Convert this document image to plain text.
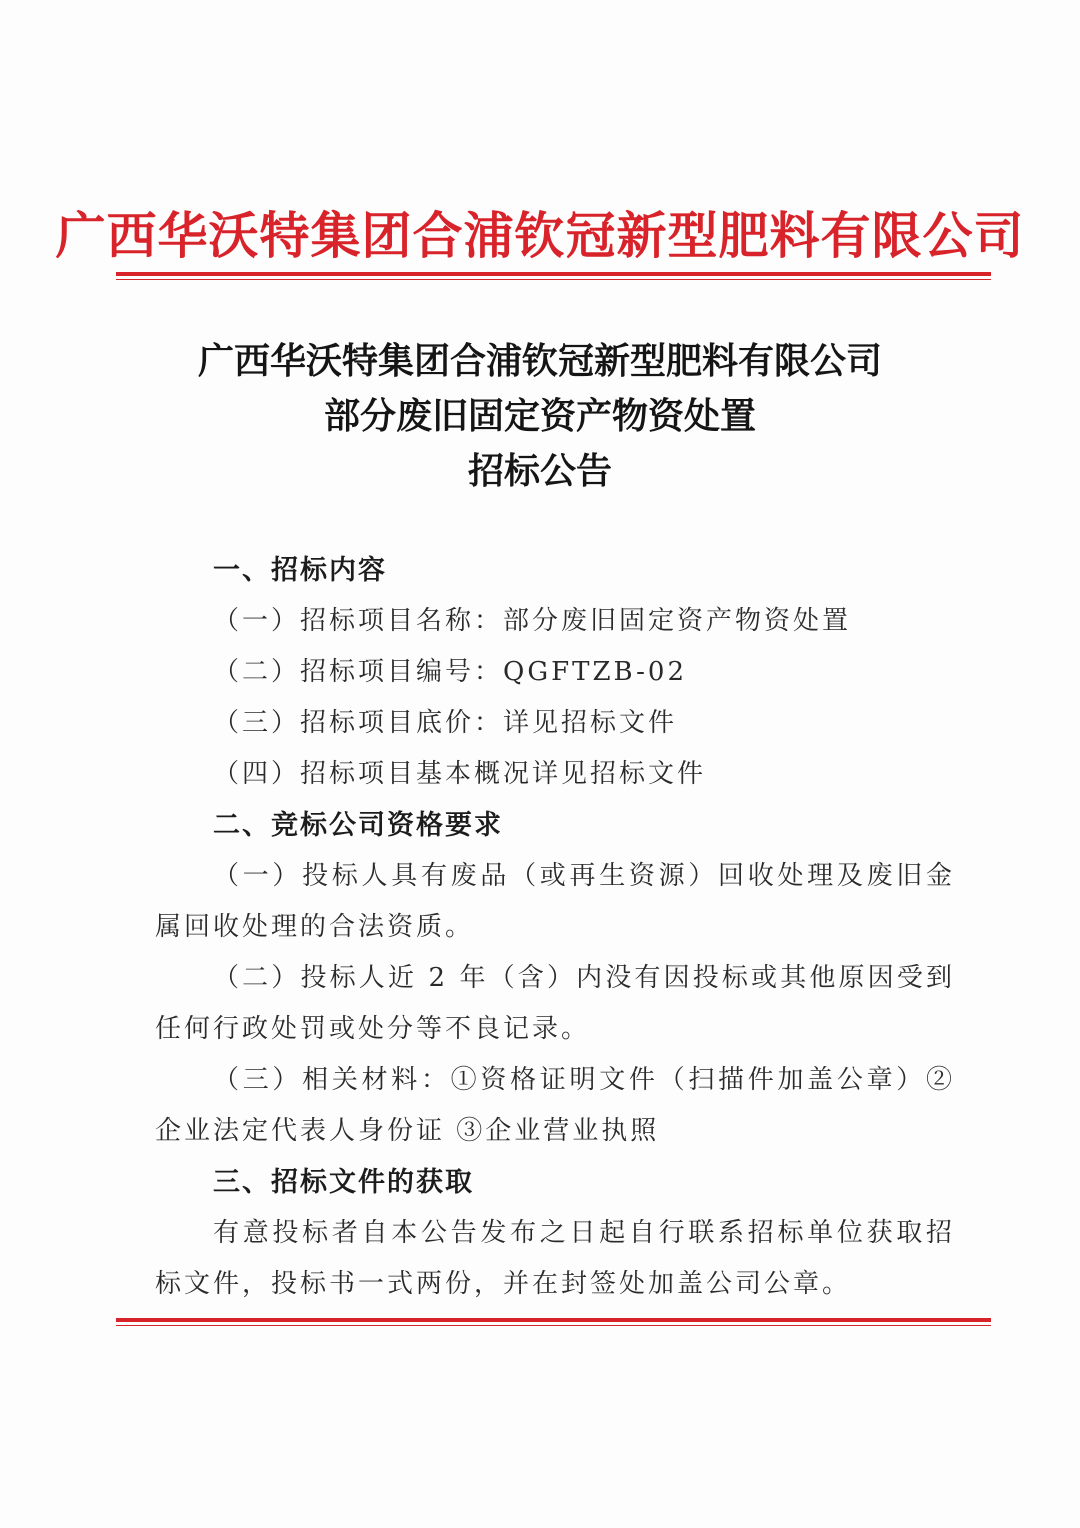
广西华沃特集团合浦钦冠新型肥料有限公司
广西华沃特集团合浦钦冠新型肥料有限公司
部分废旧固定资产物资处置
招标公告
一、招标内容
（一）招标项目名称：部分废旧固定资产物资处置
（二）招标项目编号：QGFTZB-02
（三）招标项目底价：详见招标文件
（四）招标项目基本概况详见招标文件
二、竞标公司资格要求
（一）投标人具有废品（或再生资源）回收处理及废旧金属回收处理的合法资质。
（二）投标人近 2 年（含）内没有因投标或其他原因受到任何行政处罚或处分等不良记录。
（三）相关材料：①资格证明文件（扫描件加盖公章）②企业法定代表人身份证 ③企业营业执照
三、招标文件的获取
有意投标者自本公告发布之日起自行联系招标单位获取招标文件，投标书一式两份，并在封签处加盖公司公章。
